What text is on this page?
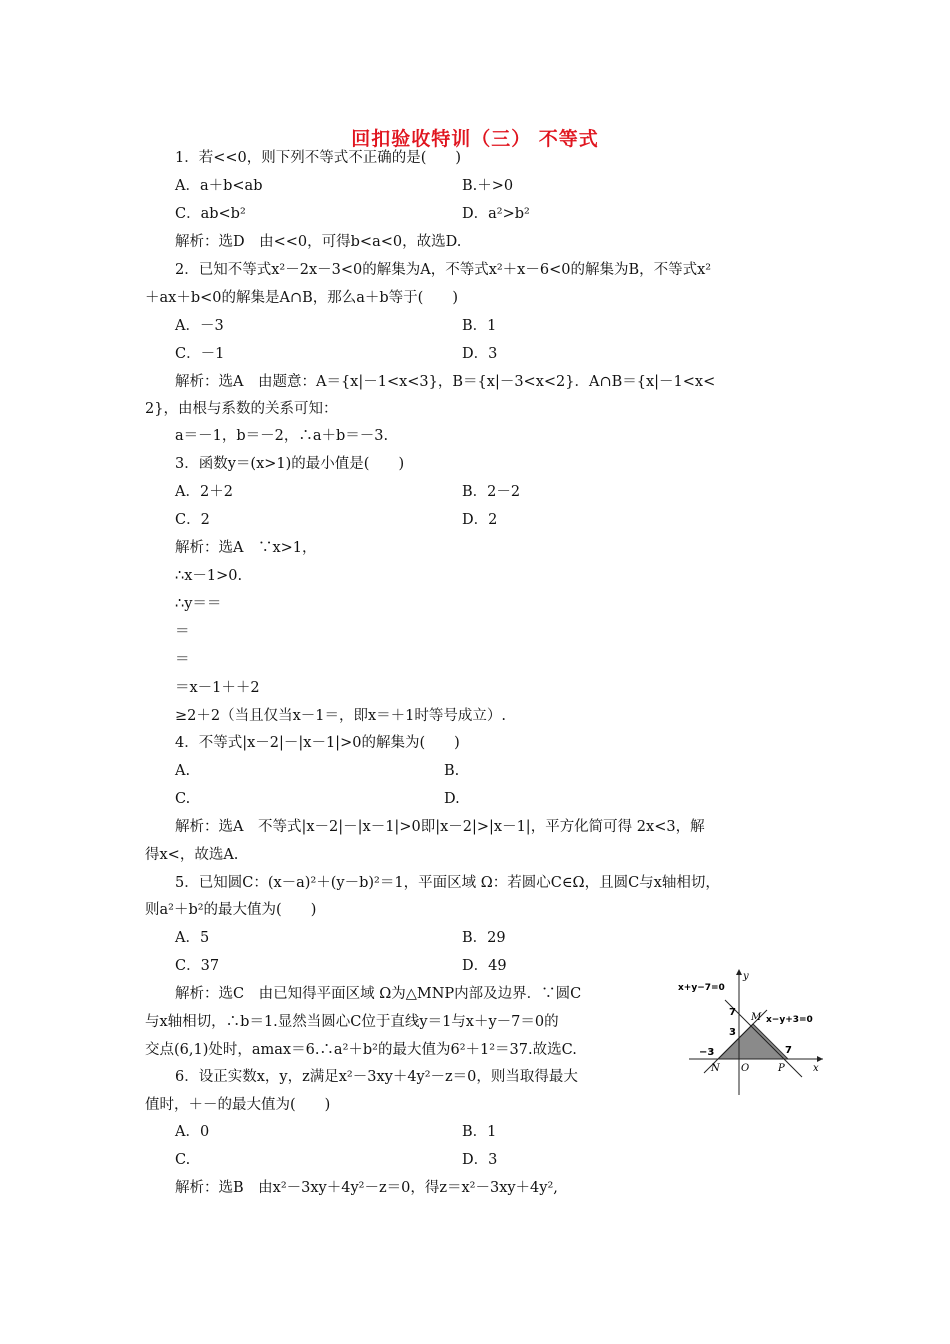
回扣验收特训（三） 不等式
1．若<<0，则下列不等式不正确的是(　　)
A．a＋b<ab	B.＋>0
C．ab<b²	D．a²>b²
解析：选D　由<<0，可得b<a<0，故选D.
2．已知不等式x²－2x－3<0的解集为A，不等式x²＋x－6<0的解集为B，不等式x²
＋ax＋b<0的解集是A∩B，那么a＋b等于(　　)
A．－3	B．1
C．－1	D．3
解析：选A　由题意：A＝{x|－1<x<3}，B＝{x|－3<x<2}．A∩B＝{x|－1<x<
2}，由根与系数的关系可知：
a＝－1，b＝－2，∴a＋b＝－3.
3．函数y＝(x>1)的最小值是(　　)
A．2＋2	B．2－2
C．2	D．2
解析：选A　∵x>1，
∴x－1>0.
∴y＝＝
＝
＝
＝x－1＋＋2
≥2＋2（当且仅当x－1＝，即x＝＋1时等号成立）.
4．不等式|x－2|－|x－1|>0的解集为(　　)
A.	B.
C.	D.
解析：选A　不等式|x－2|－|x－1|>0即|x－2|>|x－1|，平方化简可得 2x<3，解
得x<，故选A.
5．已知圆C：(x－a)²＋(y－b)²＝1，平面区域 Ω：若圆心C∈Ω，且圆C与x轴相切，
则a²＋b²的最大值为(　　)
A．5	B．29
C．37	D．49
解析：选C　由已知得平面区域 Ω为△MNP内部及边界．∵圆C
与x轴相切，∴b＝1.显然当圆心C位于直线y＝1与x＋y－7＝0的
交点(6,1)处时，amax＝6.∴a²＋b²的最大值为6²＋1²＝37.故选C.
6．设正实数x，y，z满足x²－3xy＋4y²－z＝0，则当取得最大
值时，＋－的最大值为(　　)
A．0	B．1
C.	D．3
解析：选B　由x²－3xy＋4y²－z＝0，得z＝x²－3xy＋4y²,
x+y−7=0
x−y+3=0
y
x
M
N O	P
7
3
−3	7
